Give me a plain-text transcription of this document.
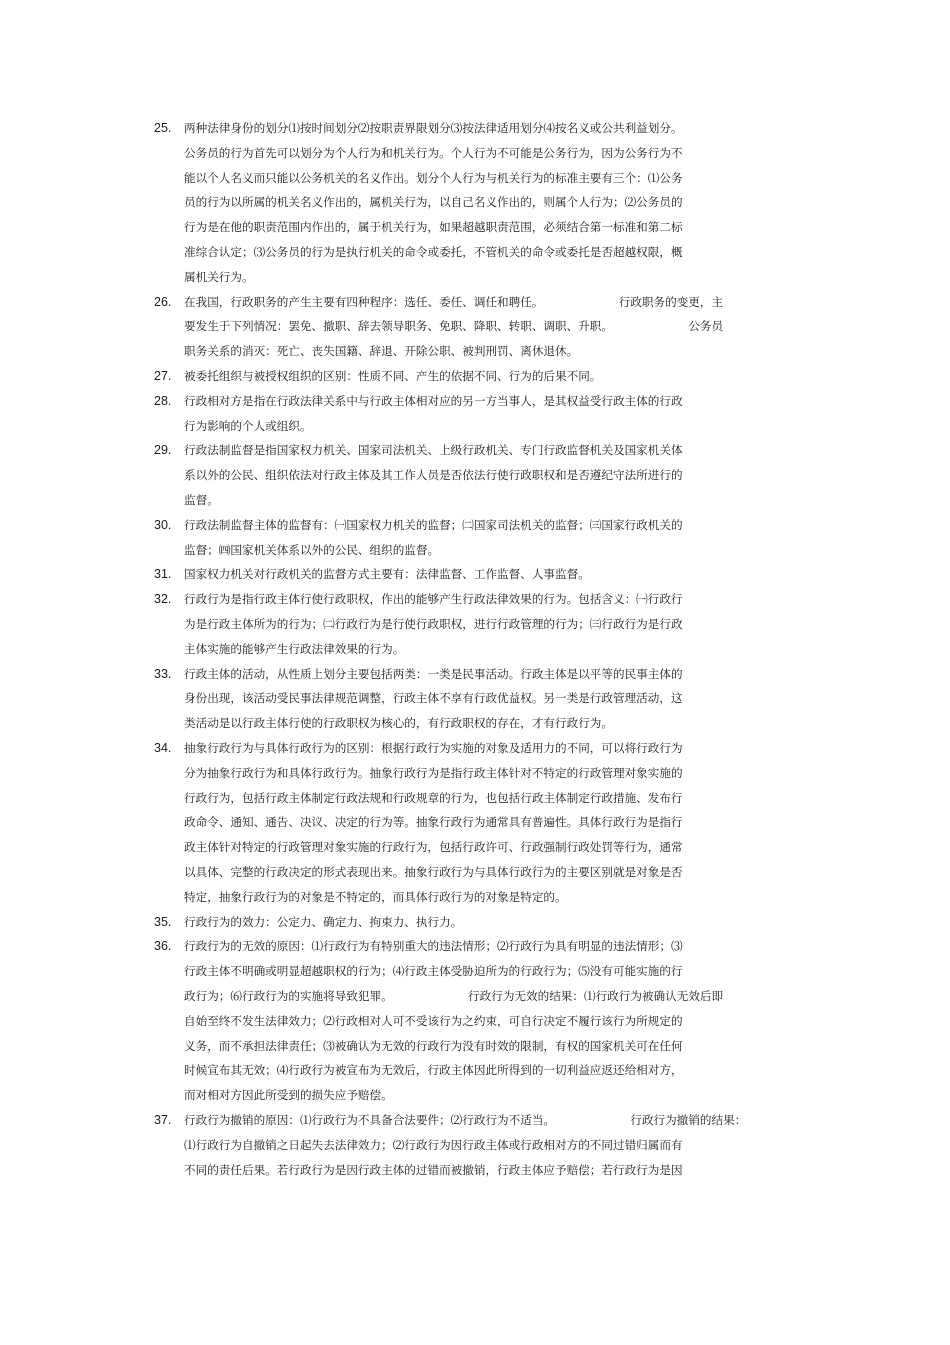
25. 两种法律身份的划分⑴按时间划分⑵按职责界限划分⑶按法律适用划分⑷按名义或公共利益划分。
公务员的行为首先可以划分为个人行为和机关行为。个人行为不可能是公务行为，因为公务行为不
能以个人名义而只能以公务机关的名义作出。划分个人行为与机关行为的标准主要有三个：⑴公务
员的行为以所属的机关名义作出的，属机关行为，以自己名义作出的，则属个人行为；⑵公务员的
行为是在他的职责范围内作出的，属于机关行为，如果超越职责范围，必须结合第一标准和第二标
准综合认定；⑶公务员的行为是执行机关的命令或委托，不管机关的命令或委托是否超越权限，概
属机关行为。
26. 在我国，行政职务的产生主要有四种程序：选任、委任、调任和聘任。　　　　　　　行政职务的变更，主
要发生于下列情况：罢免、撤职、辞去领导职务、免职、降职、转职、调职、升职。　　　　　　　公务员
职务关系的消灭：死亡、丧失国籍、辞退、开除公职、被判刑罚、离休退休。
27. 被委托组织与被授权组织的区别：性质不同、产生的依据不同、行为的后果不同。
28. 行政相对方是指在行政法律关系中与行政主体相对应的另一方当事人，是其权益受行政主体的行政
行为影响的个人或组织。
29. 行政法制监督是指国家权力机关、国家司法机关、上级行政机关、专门行政监督机关及国家机关体
系以外的公民、组织依法对行政主体及其工作人员是否依法行使行政职权和是否遵纪守法所进行的
监督。
30. 行政法制监督主体的监督有：㈠国家权力机关的监督；㈡国家司法机关的监督；㈢国家行政机关的
监督；㈣国家机关体系以外的公民、组织的监督。
31. 国家权力机关对行政机关的监督方式主要有：法律监督、工作监督、人事监督。
32. 行政行为是指行政主体行使行政职权，作出的能够产生行政法律效果的行为。包括含义：㈠行政行
为是行政主体所为的行为；㈡行政行为是行使行政职权，进行行政管理的行为；㈢行政行为是行政
主体实施的能够产生行政法律效果的行为。
33. 行政主体的活动，从性质上划分主要包括两类：一类是民事活动。行政主体是以平等的民事主体的
身份出现，该活动受民事法律规范调整，行政主体不享有行政优益权。另一类是行政管理活动，这
类活动是以行政主体行使的行政职权为核心的，有行政职权的存在，才有行政行为。
34. 抽象行政行为与具体行政行为的区别：根据行政行为实施的对象及适用力的不同，可以将行政行为
分为抽象行政行为和具体行政行为。抽象行政行为是指行政主体针对不特定的行政管理对象实施的
行政行为，包括行政主体制定行政法规和行政规章的行为，也包括行政主体制定行政措施、发布行
政命令、通知、通告、决议、决定的行为等。抽象行政行为通常具有普遍性。具体行政行为是指行
政主体针对特定的行政管理对象实施的行政行为，包括行政许可、行政强制行政处罚等行为，通常
以具体、完整的行政决定的形式表现出来。抽象行政行为与具体行政行为的主要区别就是对象是否
特定，抽象行政行为的对象是不特定的，而具体行政行为的对象是特定的。
35. 行政行为的效力：公定力、确定力、拘束力、执行力。
36. 行政行为的无效的原因：⑴行政行为有特别重大的违法情形；⑵行政行为具有明显的违法情形；⑶
行政主体不明确或明显超越职权的行为；⑷行政主体受胁迫所为的行政行为；⑸没有可能实施的行
政行为；⑹行政行为的实施将导致犯罪。　　　　　　　行政行为无效的结果：⑴行政行为被确认无效后即
自始至终不发生法律效力；⑵行政相对人可不受该行为之约束，可自行决定不履行该行为所规定的
义务，而不承担法律责任；⑶被确认为无效的行政行为没有时效的限制，有权的国家机关可在任何
时候宣布其无效；⑷行政行为被宣布为无效后，行政主体因此所得到的一切利益应返还给相对方，
而对相对方因此所受到的损失应予赔偿。
37. 行政行为撤销的原因：⑴行政行为不具备合法要件；⑵行政行为不适当。　　　　　　　行政行为撤销的结果：
⑴行政行为自撤销之日起失去法律效力；⑵行政行为因行政主体或行政相对方的不同过错归属而有
不同的责任后果。若行政行为是因行政主体的过错而被撤销，行政主体应予赔偿；若行政行为是因
